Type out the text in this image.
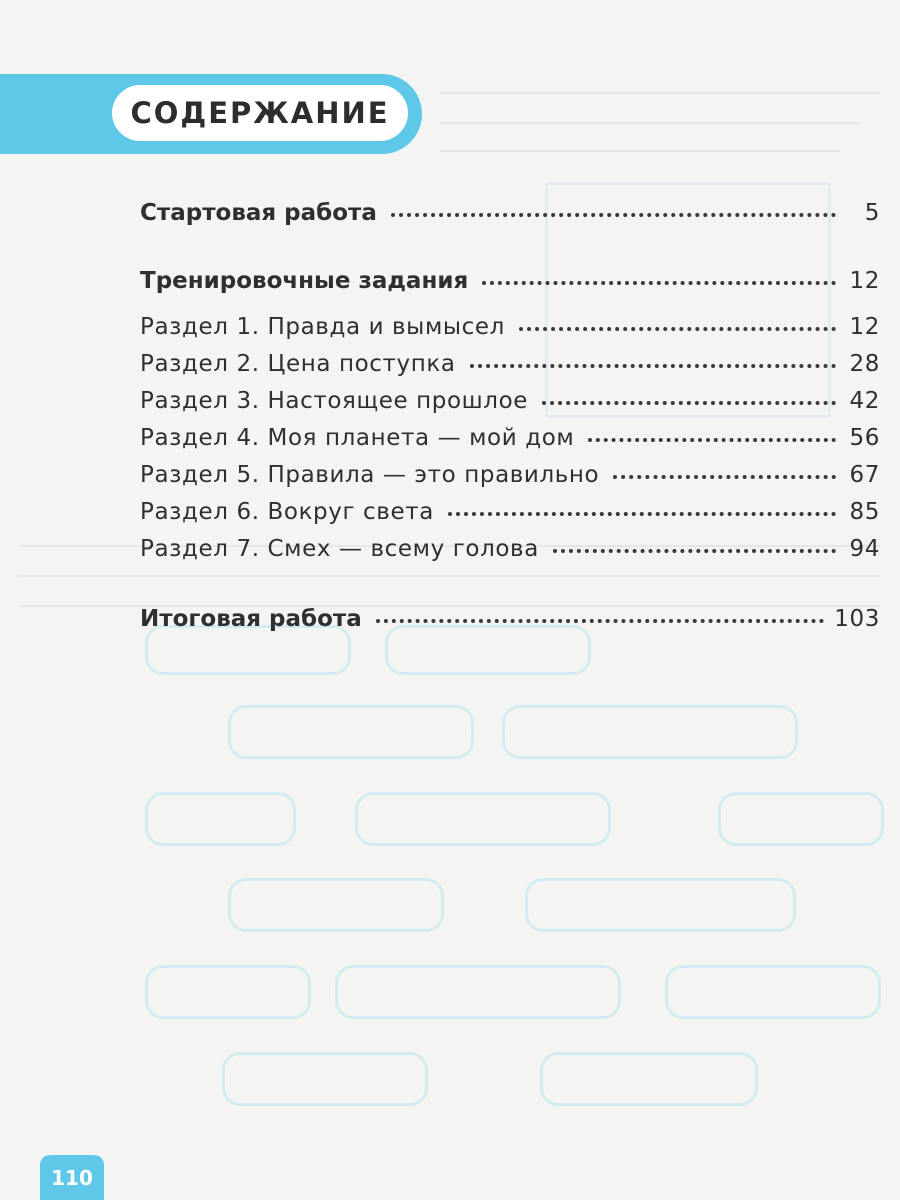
СОДЕРЖАНИЕ
Стартовая работа	5
Тренировочные задания	12
Раздел 1. Правда и вымысел	12
Раздел 2. Цена поступка	28
Раздел 3. Настоящее прошлое	42
Раздел 4. Моя планета — мой дом	56
Раздел 5. Правила — это правильно	67
Раздел 6. Вокруг света	85
Раздел 7. Смех — всему голова	94
Итоговая работа	103
110
